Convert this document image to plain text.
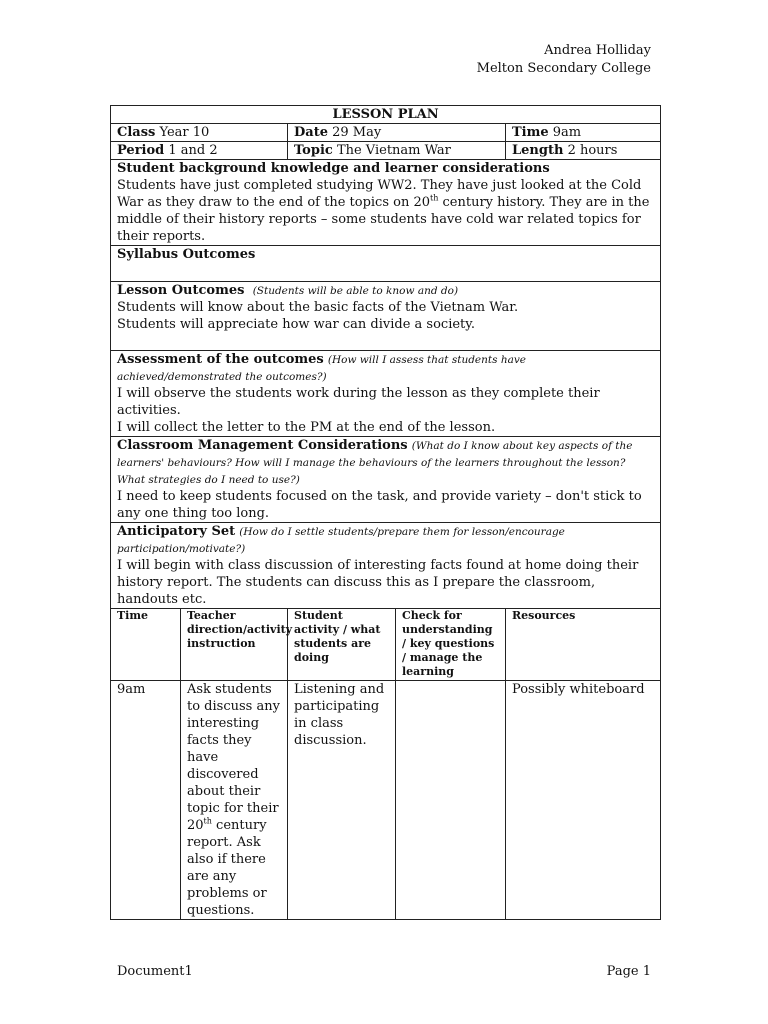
Andrea Holliday
Melton Secondary College
LESSON PLAN				
Class Year 10		Date 29 May		Time 9am
Period 1 and 2		Topic The Vietnam War		Length 2 hours

Student background knowledge and learner considerations
Students have just completed studying WW2. They have just looked at the Cold War as they draw to the end of the topics on 20th century history. They are in the middle of their history reports – some students have cold war related topics for their reports.				
Syllabus Outcomes				
Lesson Outcomes (Students will be able to know and do)
Students will know about the basic facts of the Vietnam War.
Students will appreciate how war can divide a society.				

Assessment of the outcomes (How will I assess that students have achieved/demonstrated the outcomes?)
I will observe the students work during the lesson as they complete their activities.
I will collect the letter to the PM at the end of the lesson.				

Classroom Management Considerations (What do I know about key aspects of the learners' behaviours? How will I manage the behaviours of the learners throughout the lesson? What strategies do I need to use?)
I need to keep students focused on the task, and provide variety – don't stick to any one thing too long.				

Anticipatory Set (How do I settle students/prepare them for lesson/encourage participation/motivate?)
I will begin with class discussion of interesting facts found at home doing their history report. The students can discuss this as I prepare the classroom, handouts etc.				

Time	Teacher direction/activity instruction	Student activity / what students are doing	Check for understanding / key questions / manage the learning	Resources
9am	Ask students to discuss any interesting facts they have discovered about their topic for their 20th century report. Ask also if there are any problems or questions.	Listening and participating in class discussion.		Possibly whiteboard
Document1	Page 1
